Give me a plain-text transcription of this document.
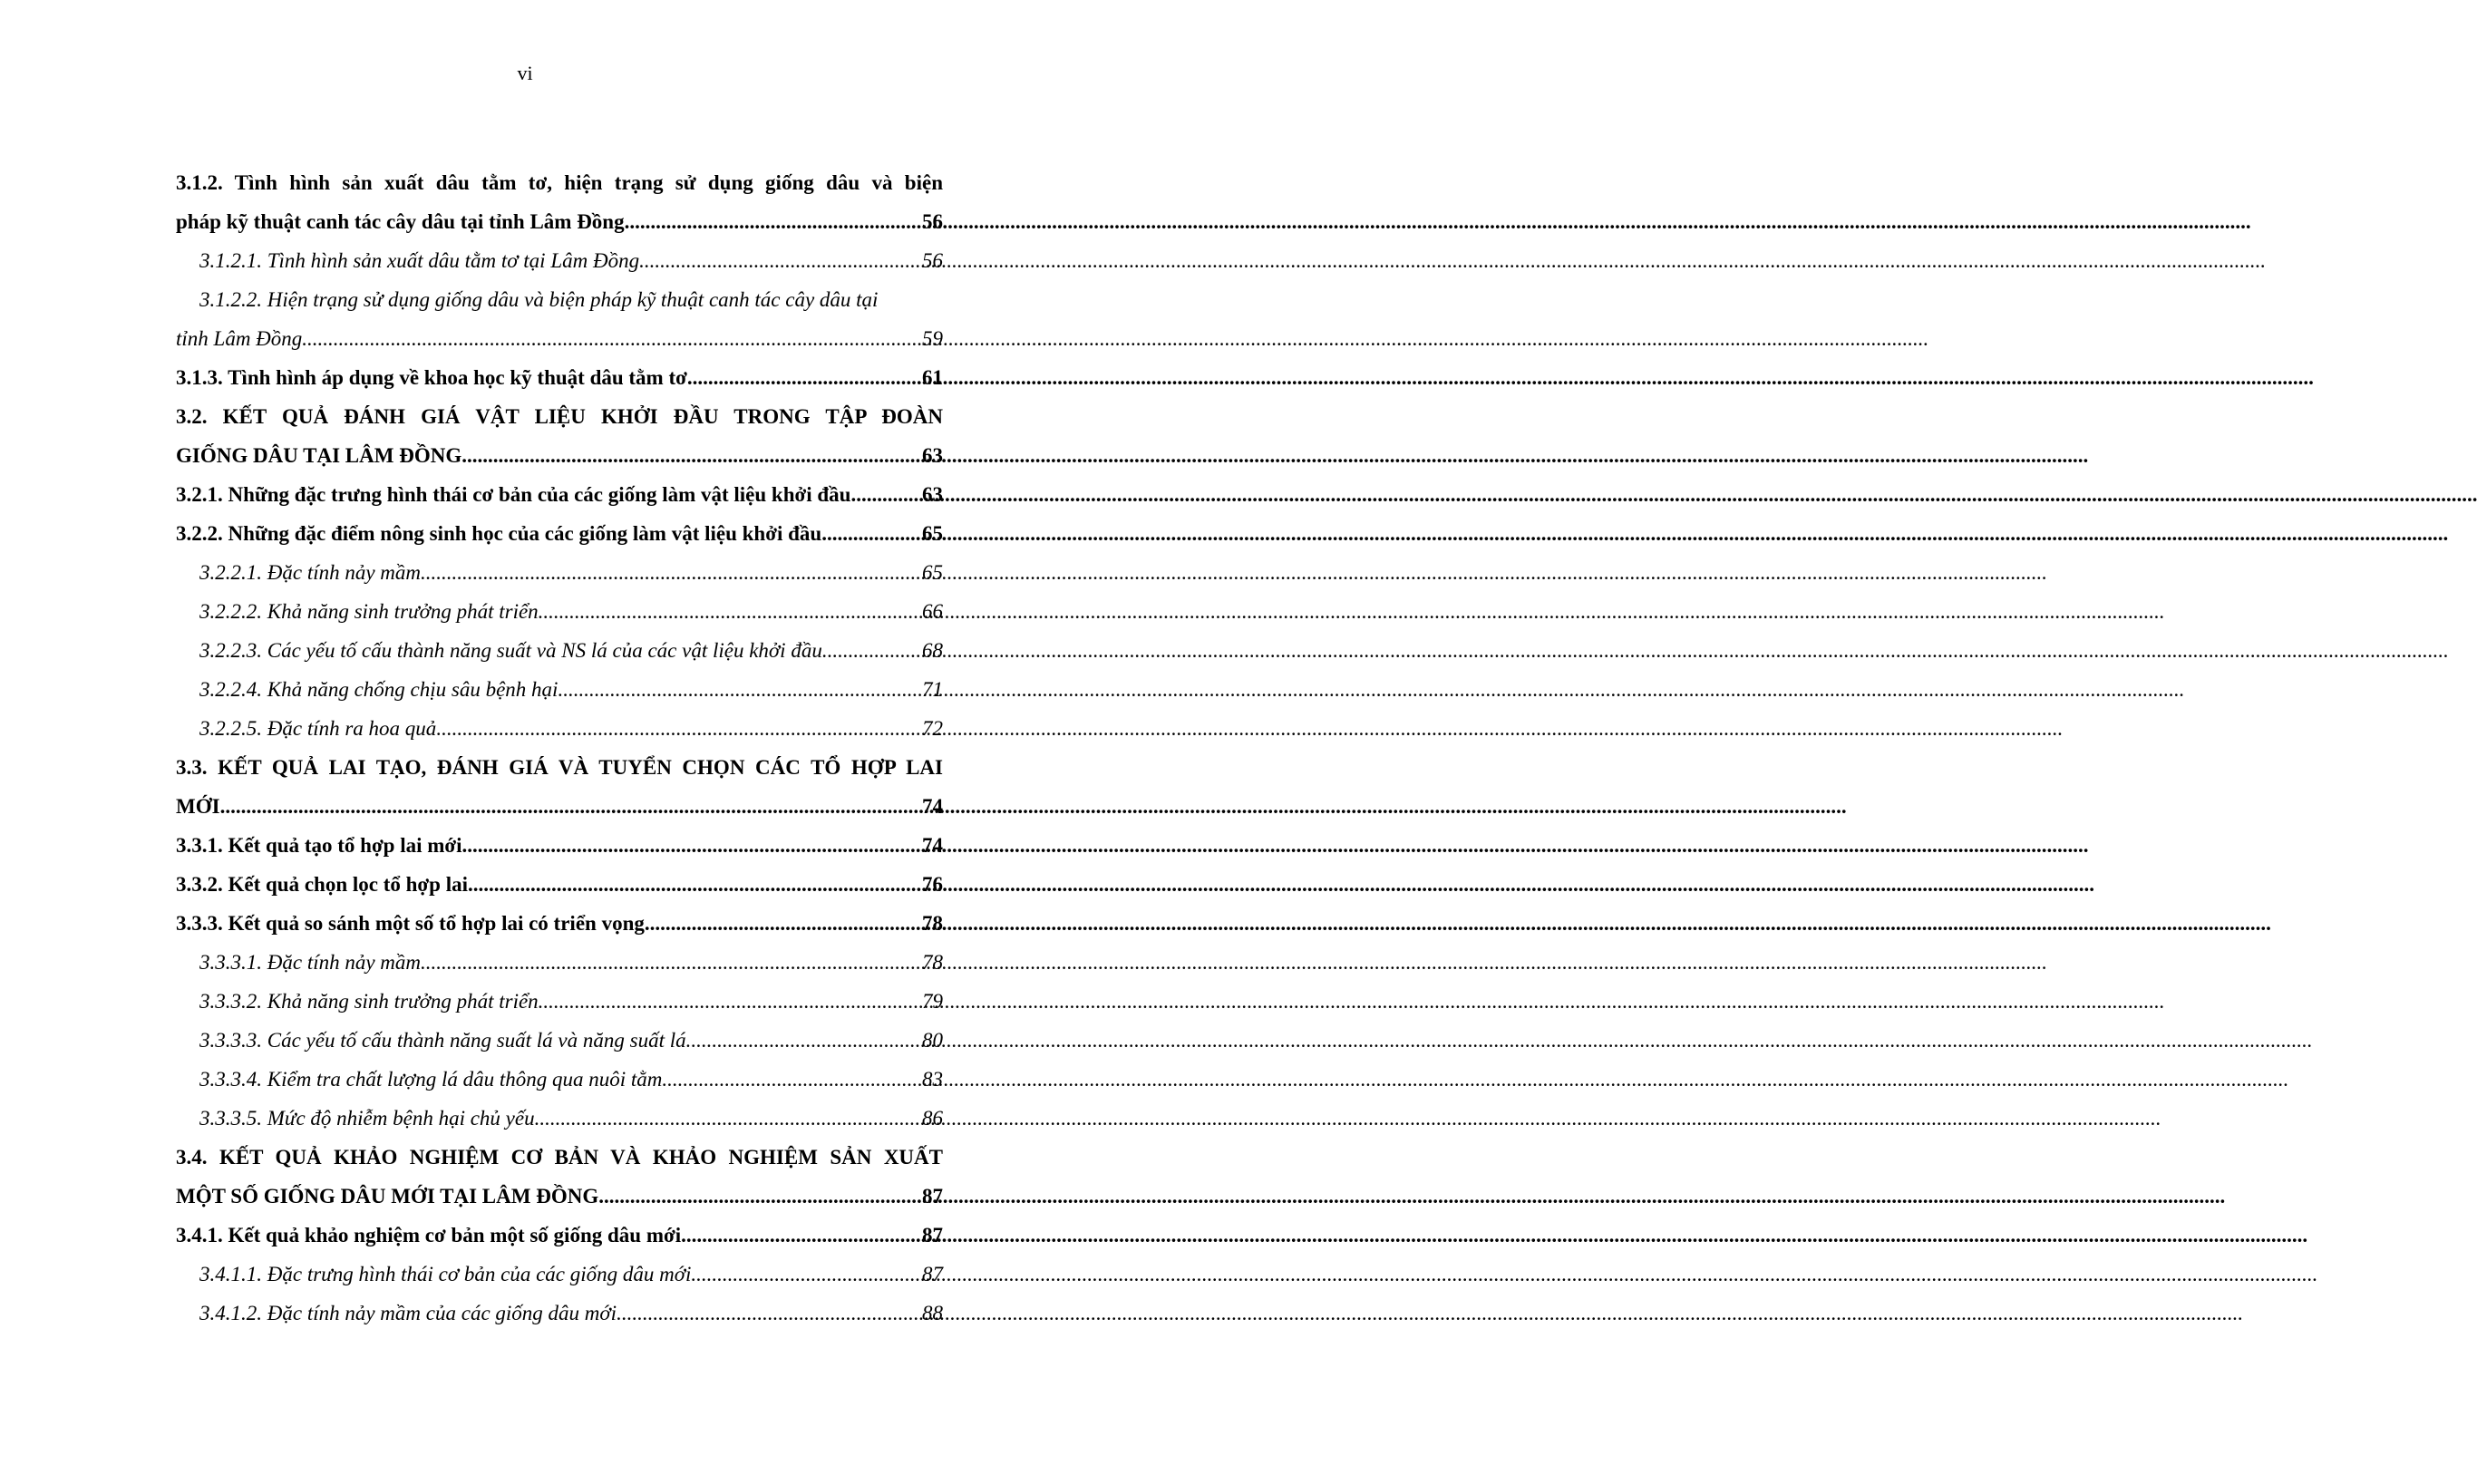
vi
3.1.2. Tình hình sản xuất dâu tằm tơ, hiện trạng sử dụng giống dâu và biện
pháp kỹ thuật canh tác cây dâu tại tỉnh Lâm Đồng .....	56
3.1.2.1. Tình hình sản xuất dâu tằm tơ tại Lâm Đồng .....	56
3.1.2.2. Hiện trạng sử dụng giống dâu và biện pháp kỹ thuật canh tác cây dâu tại
tỉnh Lâm Đồng .....	59
3.1.3. Tình hình áp dụng về khoa học kỹ thuật dâu tằm tơ .....	61
3.2. KẾT QUẢ ĐÁNH GIÁ VẬT LIỆU KHỞI ĐẦU TRONG TẬP ĐOÀN
GIỐNG DÂU TẠI LÂM ĐỒNG .....	63
3.2.1. Những đặc trưng hình thái cơ bản của các giống làm vật liệu khởi đầu .....	63
3.2.2. Những đặc điểm nông sinh học của các giống làm vật liệu khởi đầu .....	65
3.2.2.1. Đặc tính nảy mầm .....	65
3.2.2.2. Khả năng sinh trưởng phát triển .....	66
3.2.2.3. Các yếu tố cấu thành năng suất và NS lá của các vật liệu khởi đầu .....	68
3.2.2.4. Khả năng chống chịu sâu bệnh hại .....	71
3.2.2.5. Đặc tính ra hoa quả .....	72
3.3. KẾT QUẢ LAI TẠO, ĐÁNH GIÁ VÀ TUYỂN CHỌN CÁC TỔ HỢP LAI
MỚI .....	74
3.3.1. Kết quả tạo tổ hợp lai mới .....	74
3.3.2. Kết quả chọn lọc tổ hợp lai .....	76
3.3.3. Kết quả so sánh một số tổ hợp lai có triển vọng .....	78
3.3.3.1. Đặc tính nảy mầm .....	78
3.3.3.2. Khả năng sinh trưởng phát triển .....	79
3.3.3.3. Các yếu tố cấu thành năng suất lá và năng suất lá .....	80
3.3.3.4. Kiểm tra chất lượng lá dâu thông qua nuôi tằm .....	83
3.3.3.5. Mức độ nhiễm bệnh hại chủ yếu .....	86
3.4. KẾT QUẢ KHẢO NGHIỆM CƠ BẢN VÀ KHẢO NGHIỆM SẢN XUẤT
MỘT SỐ GIỐNG DÂU MỚI TẠI LÂM ĐỒNG .....	87
3.4.1. Kết quả khảo nghiệm cơ bản một số giống dâu mới .....	87
3.4.1.1. Đặc trưng hình thái cơ bản của các giống dâu mới .....	87
3.4.1.2. Đặc tính nảy mầm của các giống dâu mới .....	88
